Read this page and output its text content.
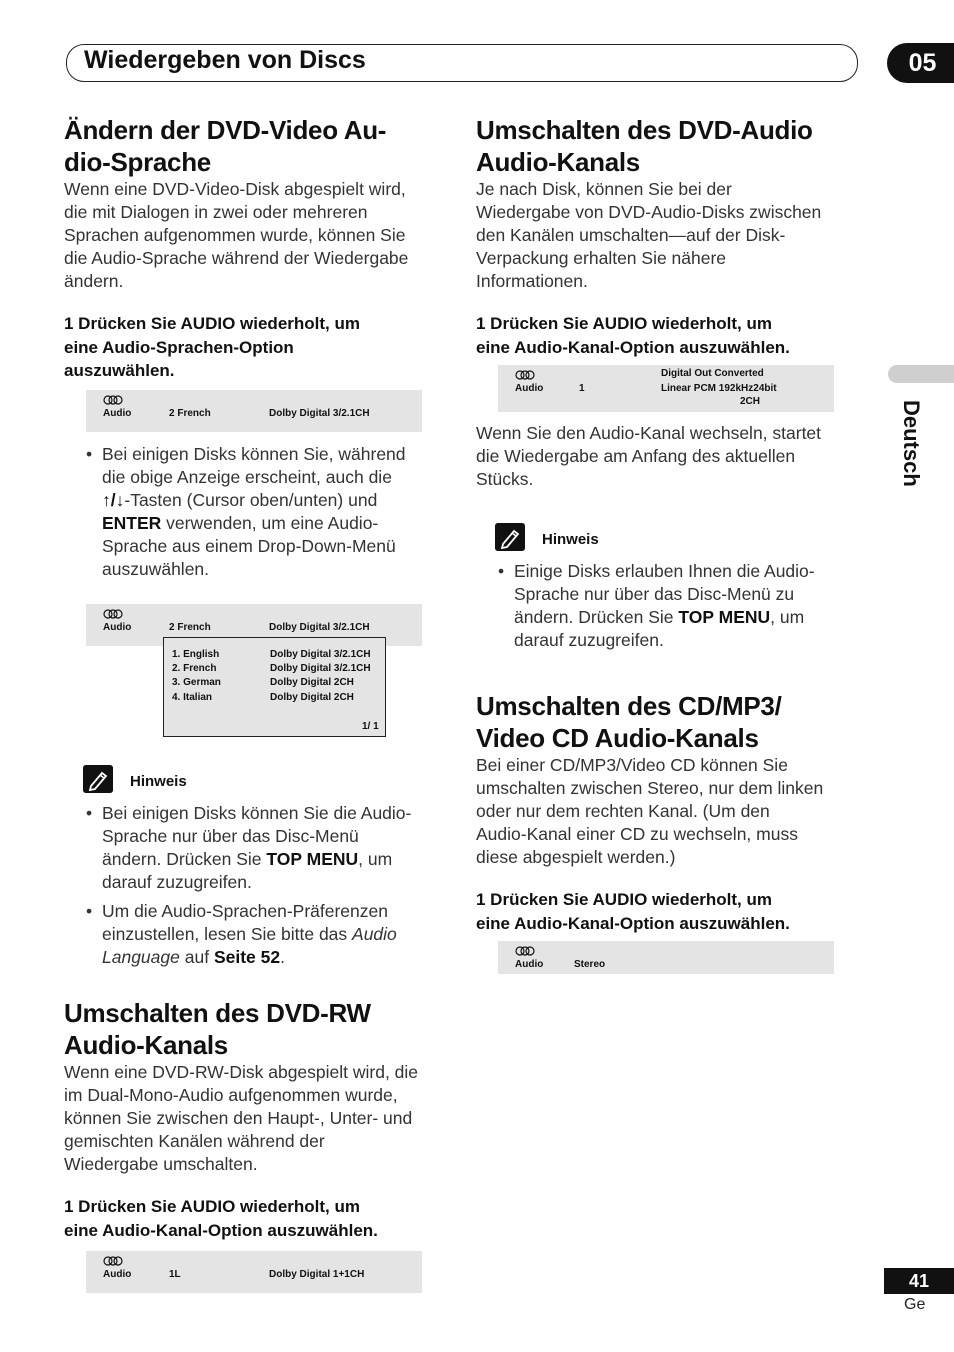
Wiedergeben von Discs	05
Deutsch
Ändern der DVD-Video Au-
dio-Sprache

Wenn eine DVD-Video-Disk abgespielt wird,
die mit Dialogen in zwei oder mehreren
Sprachen aufgenommen wurde, können Sie
die Audio-Sprache während der Wiedergabe
ändern.

1 Drücken Sie AUDIO wiederholt, um
eine Audio-Sprachen-Option
auszuwählen.

Audio	2 French	Dolby Digital 3/2.1CH
• Bei einigen Disks können Sie, während
die obige Anzeige erscheint, auch die
↑/↓-Tasten (Cursor oben/unten) und
ENTER verwenden, um eine Audio-
Sprache aus einem Drop-Down-Menü
auszuwählen.
Audio	2 French	Dolby Digital 3/2.1CH
1. English	Dolby Digital 3/2.1CH
2. French	Dolby Digital 3/2.1CH
3. German	Dolby Digital 2CH
4. Italian	Dolby Digital 2CH
1/ 1
Hinweis
• Bei einigen Disks können Sie die Audio-
Sprache nur über das Disc-Menü
ändern. Drücken Sie TOP MENU, um
darauf zuzugreifen.
• Um die Audio-Sprachen-Präferenzen
einzustellen, lesen Sie bitte das Audio
Language auf Seite 52.
Umschalten des DVD-RW
Audio-Kanals

Wenn eine DVD-RW-Disk abgespielt wird, die
im Dual-Mono-Audio aufgenommen wurde,
können Sie zwischen den Haupt-, Unter- und
gemischten Kanälen während der
Wiedergabe umschalten.

1 Drücken Sie AUDIO wiederholt, um
eine Audio-Kanal-Option auszuwählen.

Audio	1L	Dolby Digital 1+1CH
Umschalten des DVD-Audio
Audio-Kanals

Je nach Disk, können Sie bei der
Wiedergabe von DVD-Audio-Disks zwischen
den Kanälen umschalten—auf der Disk-
Verpackung erhalten Sie nähere
Informationen.

1 Drücken Sie AUDIO wiederholt, um
eine Audio-Kanal-Option auszuwählen.

Digital Out Converted
Audio	1	Linear PCM 192kHz24bit
2CH

Wenn Sie den Audio-Kanal wechseln, startet
die Wiedergabe am Anfang des aktuellen
Stücks.

Hinweis
• Einige Disks erlauben Ihnen die Audio-
Sprache nur über das Disc-Menü zu
ändern. Drücken Sie TOP MENU, um
darauf zuzugreifen.
Umschalten des CD/MP3/
Video CD Audio-Kanals

Bei einer CD/MP3/Video CD können Sie
umschalten zwischen Stereo, nur dem linken
oder nur dem rechten Kanal. (Um den
Audio-Kanal einer CD zu wechseln, muss
diese abgespielt werden.)

1 Drücken Sie AUDIO wiederholt, um
eine Audio-Kanal-Option auszuwählen.

Audio	Stereo
41
Ge
